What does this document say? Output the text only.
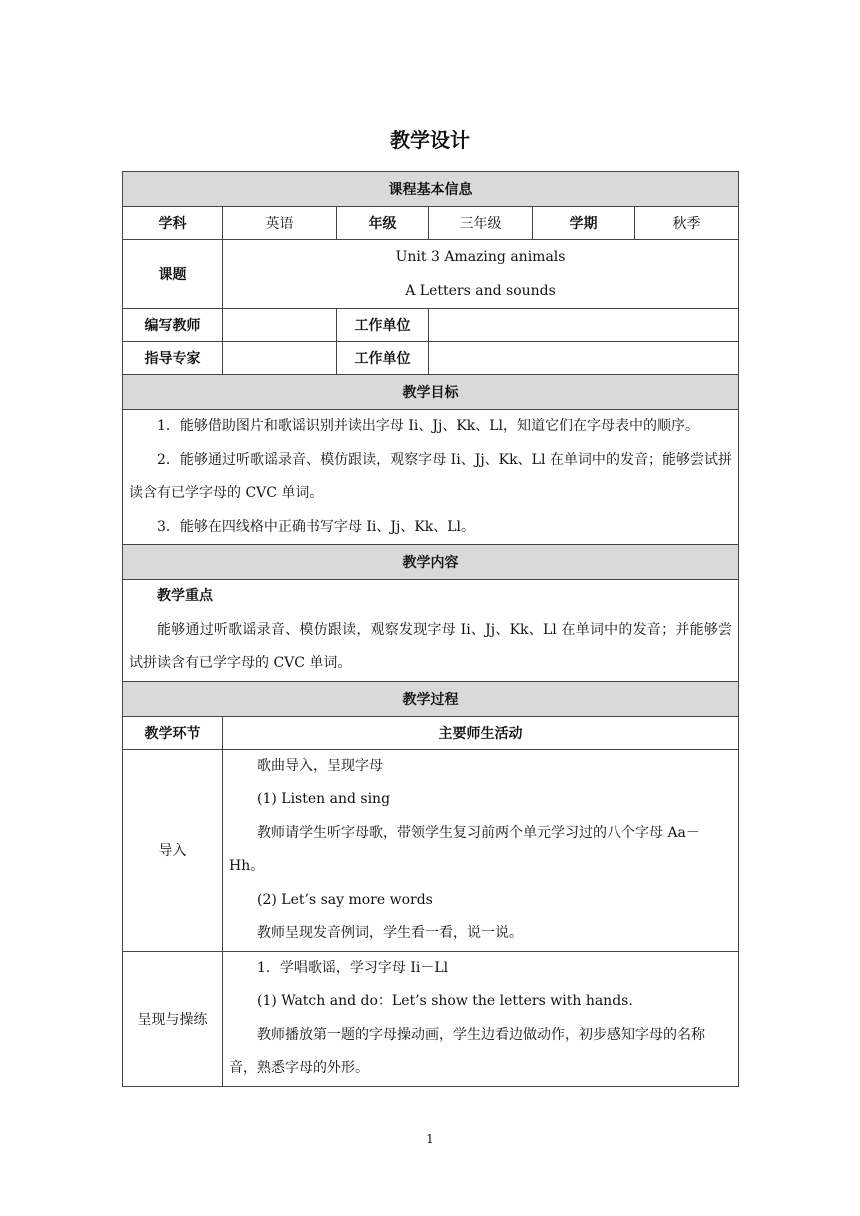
教学设计
课程基本信息					
学科	英语	年级	三年级	学期	秋季
课题	Unit 3 Amazing animals
A Letters and sounds				

编写教师		工作单位			
指导专家		工作单位			
教学目标					

1．能够借助图片和歌谣识别并读出字母 Ii、Jj、Kk、Ll，知道它们在字母表中的顺序。

2．能够通过听歌谣录音、模仿跟读，观察字母 Ii、Jj、Kk、Ll 在单词中的发音；能够尝试拼读含有已学字母的 CVC 单词。

3．能够在四线格中正确书写字母 Ii、Jj、Kk、Ll。					

教学内容					

教学重点

能够通过听歌谣录音、模仿跟读，观察发现字母 Ii、Jj、Kk、Ll 在单词中的发音；并能够尝试拼读含有已学字母的 CVC 单词。					

教学过程					
教学环节	主要师生活动				
导入	歌曲导入，呈现字母

(1) Listen and sing

教师请学生听字母歌，带领学生复习前两个单元学习过的八个字母 Aa－Hh。

(2) Let’s say more words

教师呈现发音例词，学生看一看，说一说。				

呈现与操练	1．学唱歌谣，学习字母 Ii－Ll

(1) Watch and do：Let’s show the letters with hands.

教师播放第一题的字母操动画，学生边看边做动作，初步感知字母的名称音，熟悉字母的外形。				

1
